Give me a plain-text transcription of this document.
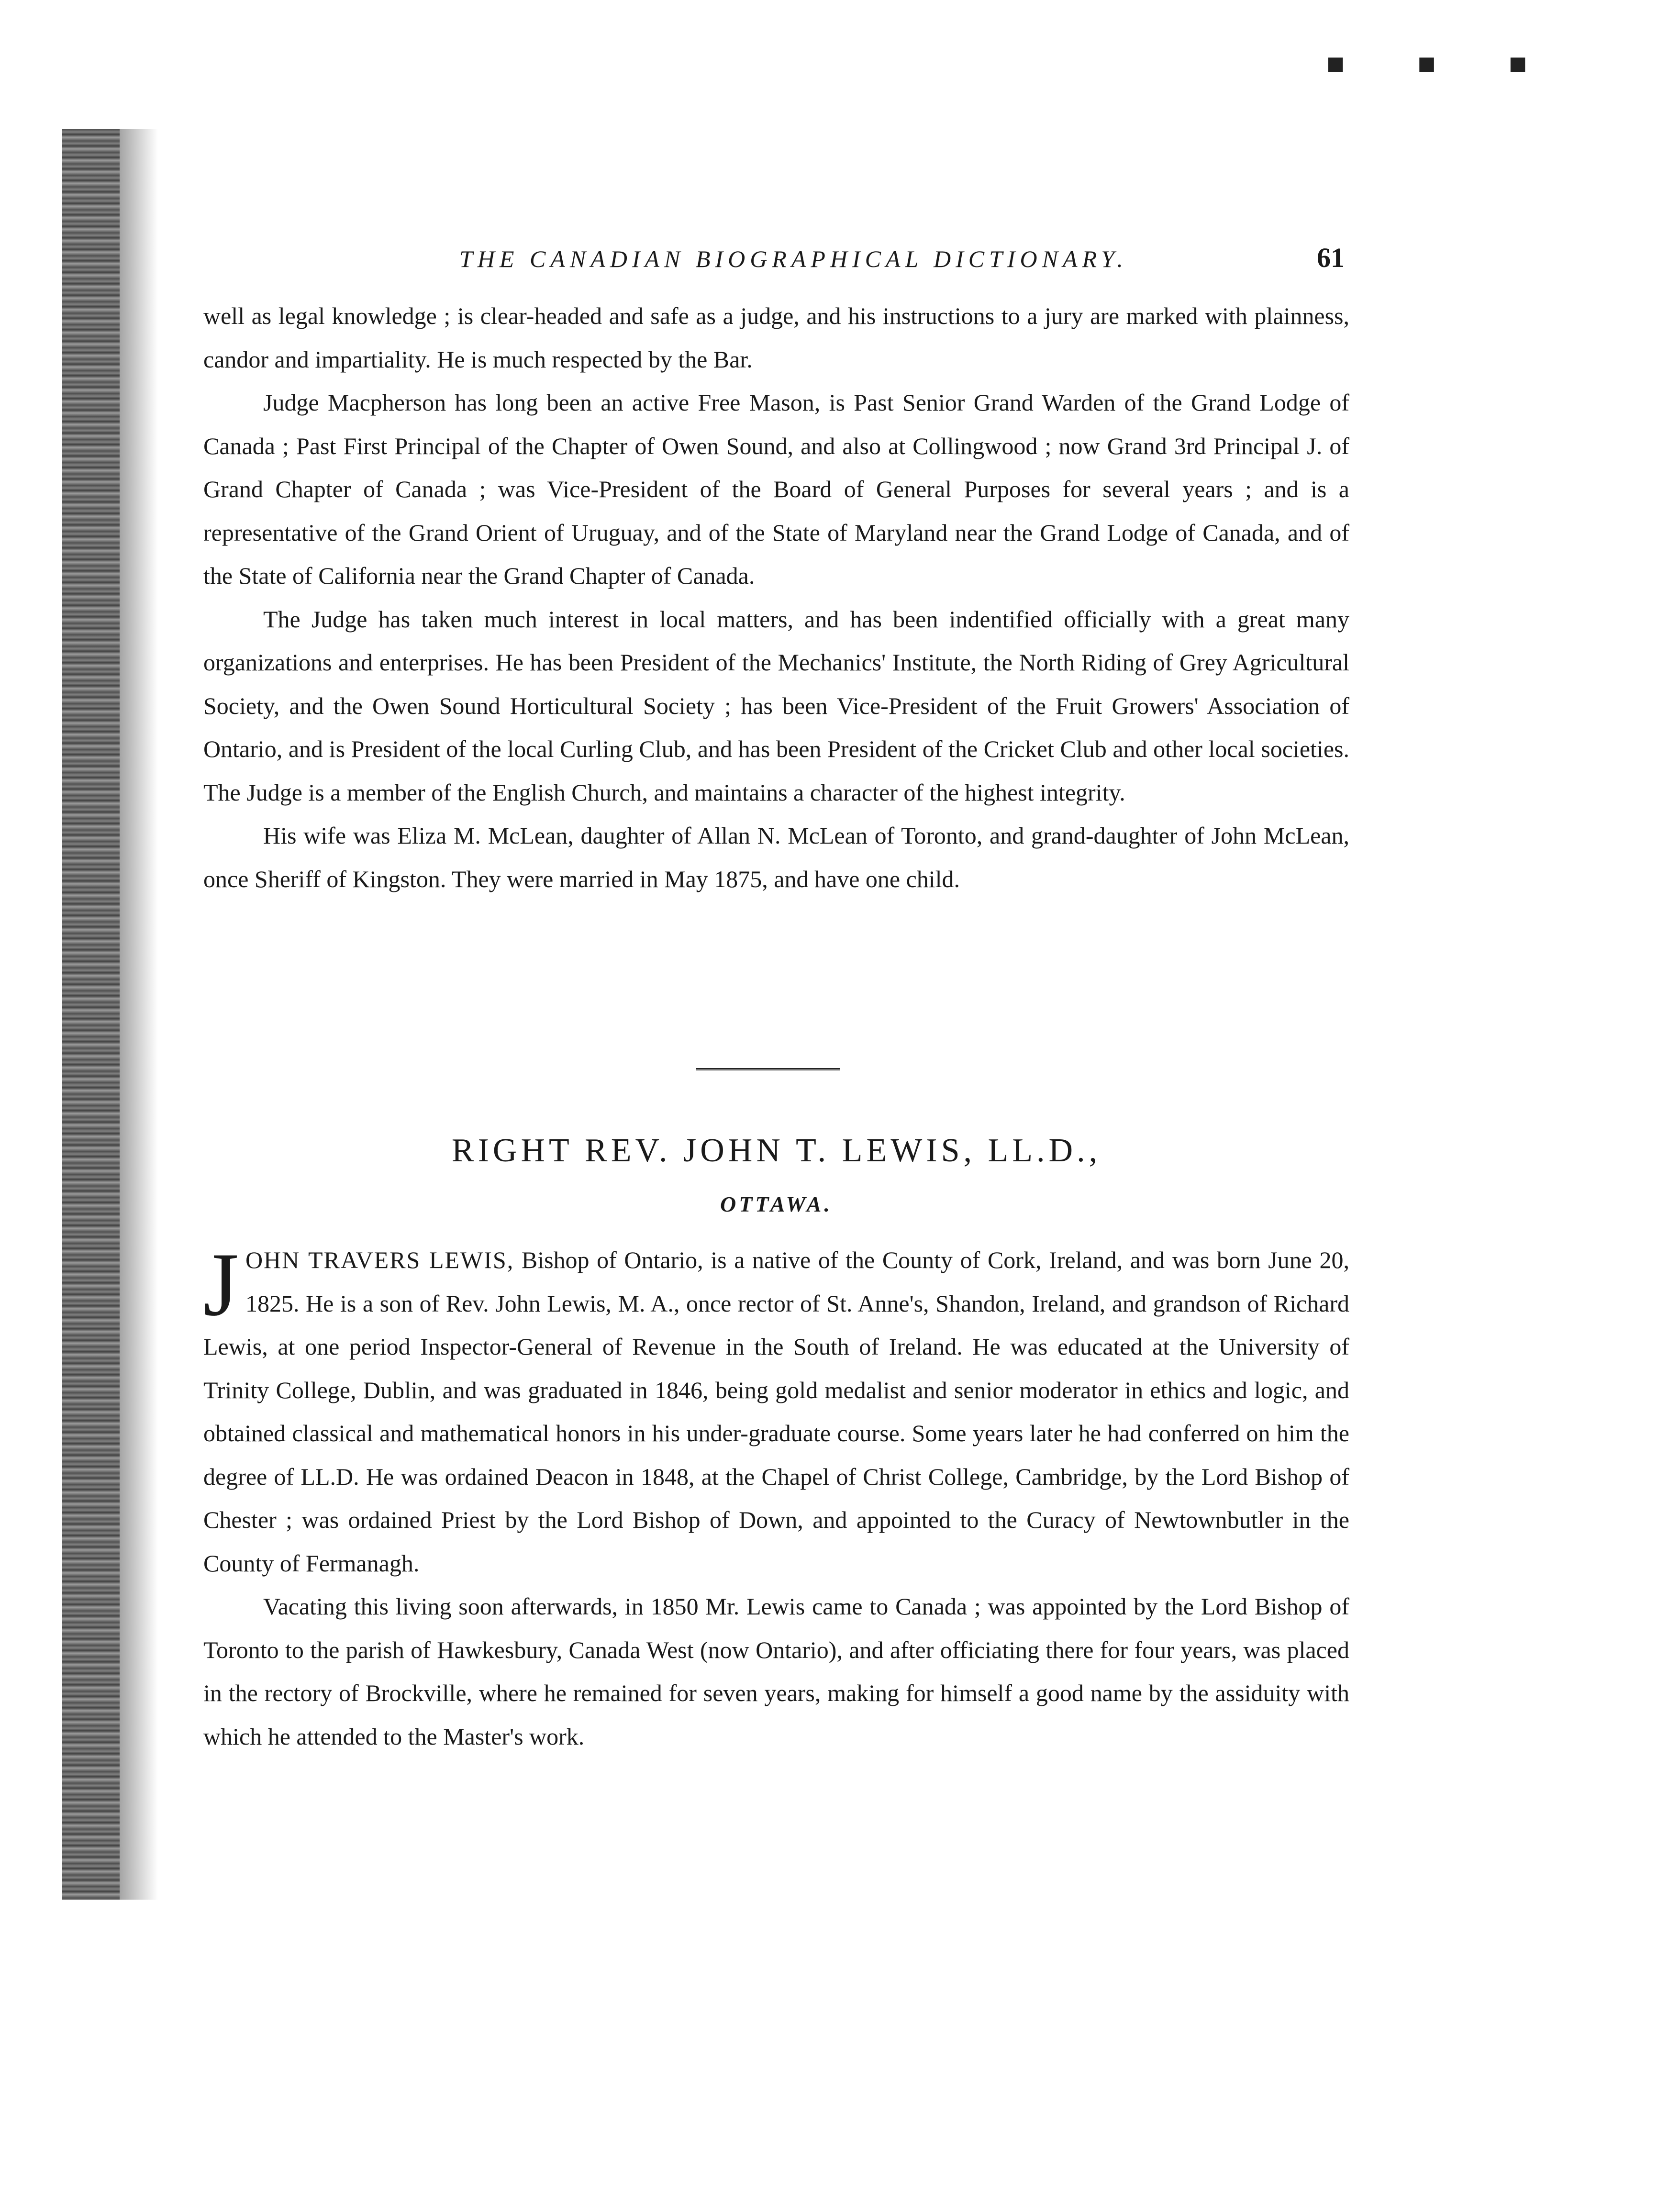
■ ■ ■
THE CANADIAN BIOGRAPHICAL DICTIONARY.	61

well as legal knowledge ; is clear-headed and safe as a judge, and his instructions to a jury are marked with plainness, candor and impartiality. He is much respected by the Bar.

Judge Macpherson has long been an active Free Mason, is Past Senior Grand Warden of the Grand Lodge of Canada ; Past First Principal of the Chapter of Owen Sound, and also at Collingwood ; now Grand 3rd Principal J. of Grand Chapter of Canada ; was Vice-President of the Board of General Purposes for several years ; and is a representative of the Grand Orient of Uruguay, and of the State of Maryland near the Grand Lodge of Canada, and of the State of California near the Grand Chapter of Canada.

The Judge has taken much interest in local matters, and has been indentified officially with a great many organizations and enterprises. He has been President of the Mechanics' Institute, the North Riding of Grey Agricultural Society, and the Owen Sound Horticultural Society ; has been Vice-President of the Fruit Growers' Association of Ontario, and is President of the local Curling Club, and has been President of the Cricket Club and other local societies. The Judge is a member of the English Church, and maintains a character of the highest integrity.

His wife was Eliza M. McLean, daughter of Allan N. McLean of Toronto, and grand-daughter of John McLean, once Sheriff of Kingston. They were married in May 1875, and have one child.

RIGHT REV. JOHN T. LEWIS, LL.D.,
OTTAWA.

JOHN TRAVERS LEWIS, Bishop of Ontario, is a native of the County of Cork, Ireland, and was born June 20, 1825. He is a son of Rev. John Lewis, M. A., once rector of St. Anne's, Shandon, Ireland, and grandson of Richard Lewis, at one period Inspector-General of Revenue in the South of Ireland. He was educated at the University of Trinity College, Dublin, and was graduated in 1846, being gold medalist and senior moderator in ethics and logic, and obtained classical and mathematical honors in his under-graduate course. Some years later he had conferred on him the degree of LL.D. He was ordained Deacon in 1848, at the Chapel of Christ College, Cambridge, by the Lord Bishop of Chester ; was ordained Priest by the Lord Bishop of Down, and appointed to the Curacy of Newtownbutler in the County of Fermanagh.

Vacating this living soon afterwards, in 1850 Mr. Lewis came to Canada ; was appointed by the Lord Bishop of Toronto to the parish of Hawkesbury, Canada West (now Ontario), and after officiating there for four years, was placed in the rectory of Brockville, where he remained for seven years, making for himself a good name by the assiduity with which he attended to the Master's work.
